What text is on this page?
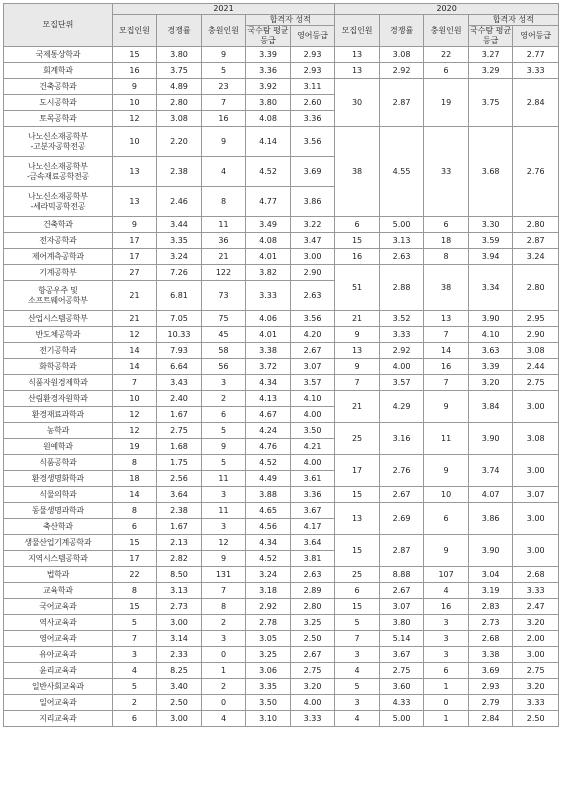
모집단위	2021					2020				
	모집인원	경쟁률	충원인원	합격자 성적		모집인원	경쟁률	충원인원	합격자 성적	
				국수탐 평균등급	영어등급				국수탐 평균등급	영어등급
국제통상학과	15	3.80	9	3.39	2.93	13	3.08	22	3.27	2.77
회계학과	16	3.75	5	3.36	2.93	13	2.92	6	3.29	3.33
건축공학과	9	4.89	23	3.92	3.11	30	2.87	19	3.75	2.84
도시공학과	10	2.80	7	3.80	2.60					
토목공학과	12	3.08	16	4.08	3.36					
나노신소재공학부
-고분자공학전공	10	2.20	9	4.14	3.56	38	4.55	33	3.68	2.76
나노신소재공학부
-금속재료공학전공	13	2.38	4	4.52	3.69					
나노신소재공학부
-세라믹공학전공	13	2.46	8	4.77	3.86					
건축학과	9	3.44	11	3.49	3.22	6	5.00	6	3.30	2.80
전자공학과	17	3.35	36	4.08	3.47	15	3.13	18	3.59	2.87
제어계측공학과	17	3.24	21	4.01	3.00	16	2.63	8	3.94	3.24
기계공학부	27	7.26	122	3.82	2.90	51	2.88	38	3.34	2.80
항공우주 및
소프트웨어공학부	21	6.81	73	3.33	2.63					
산업시스템공학부	21	7.05	75	4.06	3.56	21	3.52	13	3.90	2.95
반도체공학과	12	10.33	45	4.01	4.20	9	3.33	7	4.10	2.90
전기공학과	14	7.93	58	3.38	2.67	13	2.92	14	3.63	3.08
화학공학과	14	6.64	56	3.72	3.07	9	4.00	16	3.39	2.44
식품자원경제학과	7	3.43	3	4.34	3.57	7	3.57	7	3.20	2.75
산림환경자원학과	10	2.40	2	4.13	4.10	21	4.29	9	3.84	3.00
환경재료과학과	12	1.67	6	4.67	4.00					
농학과	12	2.75	5	4.24	3.50	25	3.16	11	3.90	3.08
원예학과	19	1.68	9	4.76	4.21					
식품공학과	8	1.75	5	4.52	4.00	17	2.76	9	3.74	3.00
환경생명화학과	18	2.56	11	4.49	3.61					
식물의학과	14	3.64	3	3.88	3.36	15	2.67	10	4.07	3.07
동물생명과학과	8	2.38	11	4.65	3.67	13	2.69	6	3.86	3.00
축산학과	6	1.67	3	4.56	4.17					
생물산업기계공학과	15	2.13	12	4.34	3.64	15	2.87	9	3.90	3.00
지역시스템공학과	17	2.82	9	4.52	3.81					
법학과	22	8.50	131	3.24	2.63	25	8.88	107	3.04	2.68
교육학과	8	3.13	7	3.18	2.89	6	2.67	4	3.19	3.33
국어교육과	15	2.73	8	2.92	2.80	15	3.07	16	2.83	2.47
역사교육과	5	3.00	2	2.78	3.25	5	3.80	3	2.73	3.20
영어교육과	7	3.14	3	3.05	2.50	7	5.14	3	2.68	2.00
유아교육과	3	2.33	0	3.25	2.67	3	3.67	3	3.38	3.00
윤리교육과	4	8.25	1	3.06	2.75	4	2.75	6	3.69	2.75
일반사회교육과	5	3.40	2	3.35	3.20	5	3.60	1	2.93	3.20
일어교육과	2	2.50	0	3.50	4.00	3	4.33	0	2.79	3.33
지리교육과	6	3.00	4	3.10	3.33	4	5.00	1	2.84	2.50
